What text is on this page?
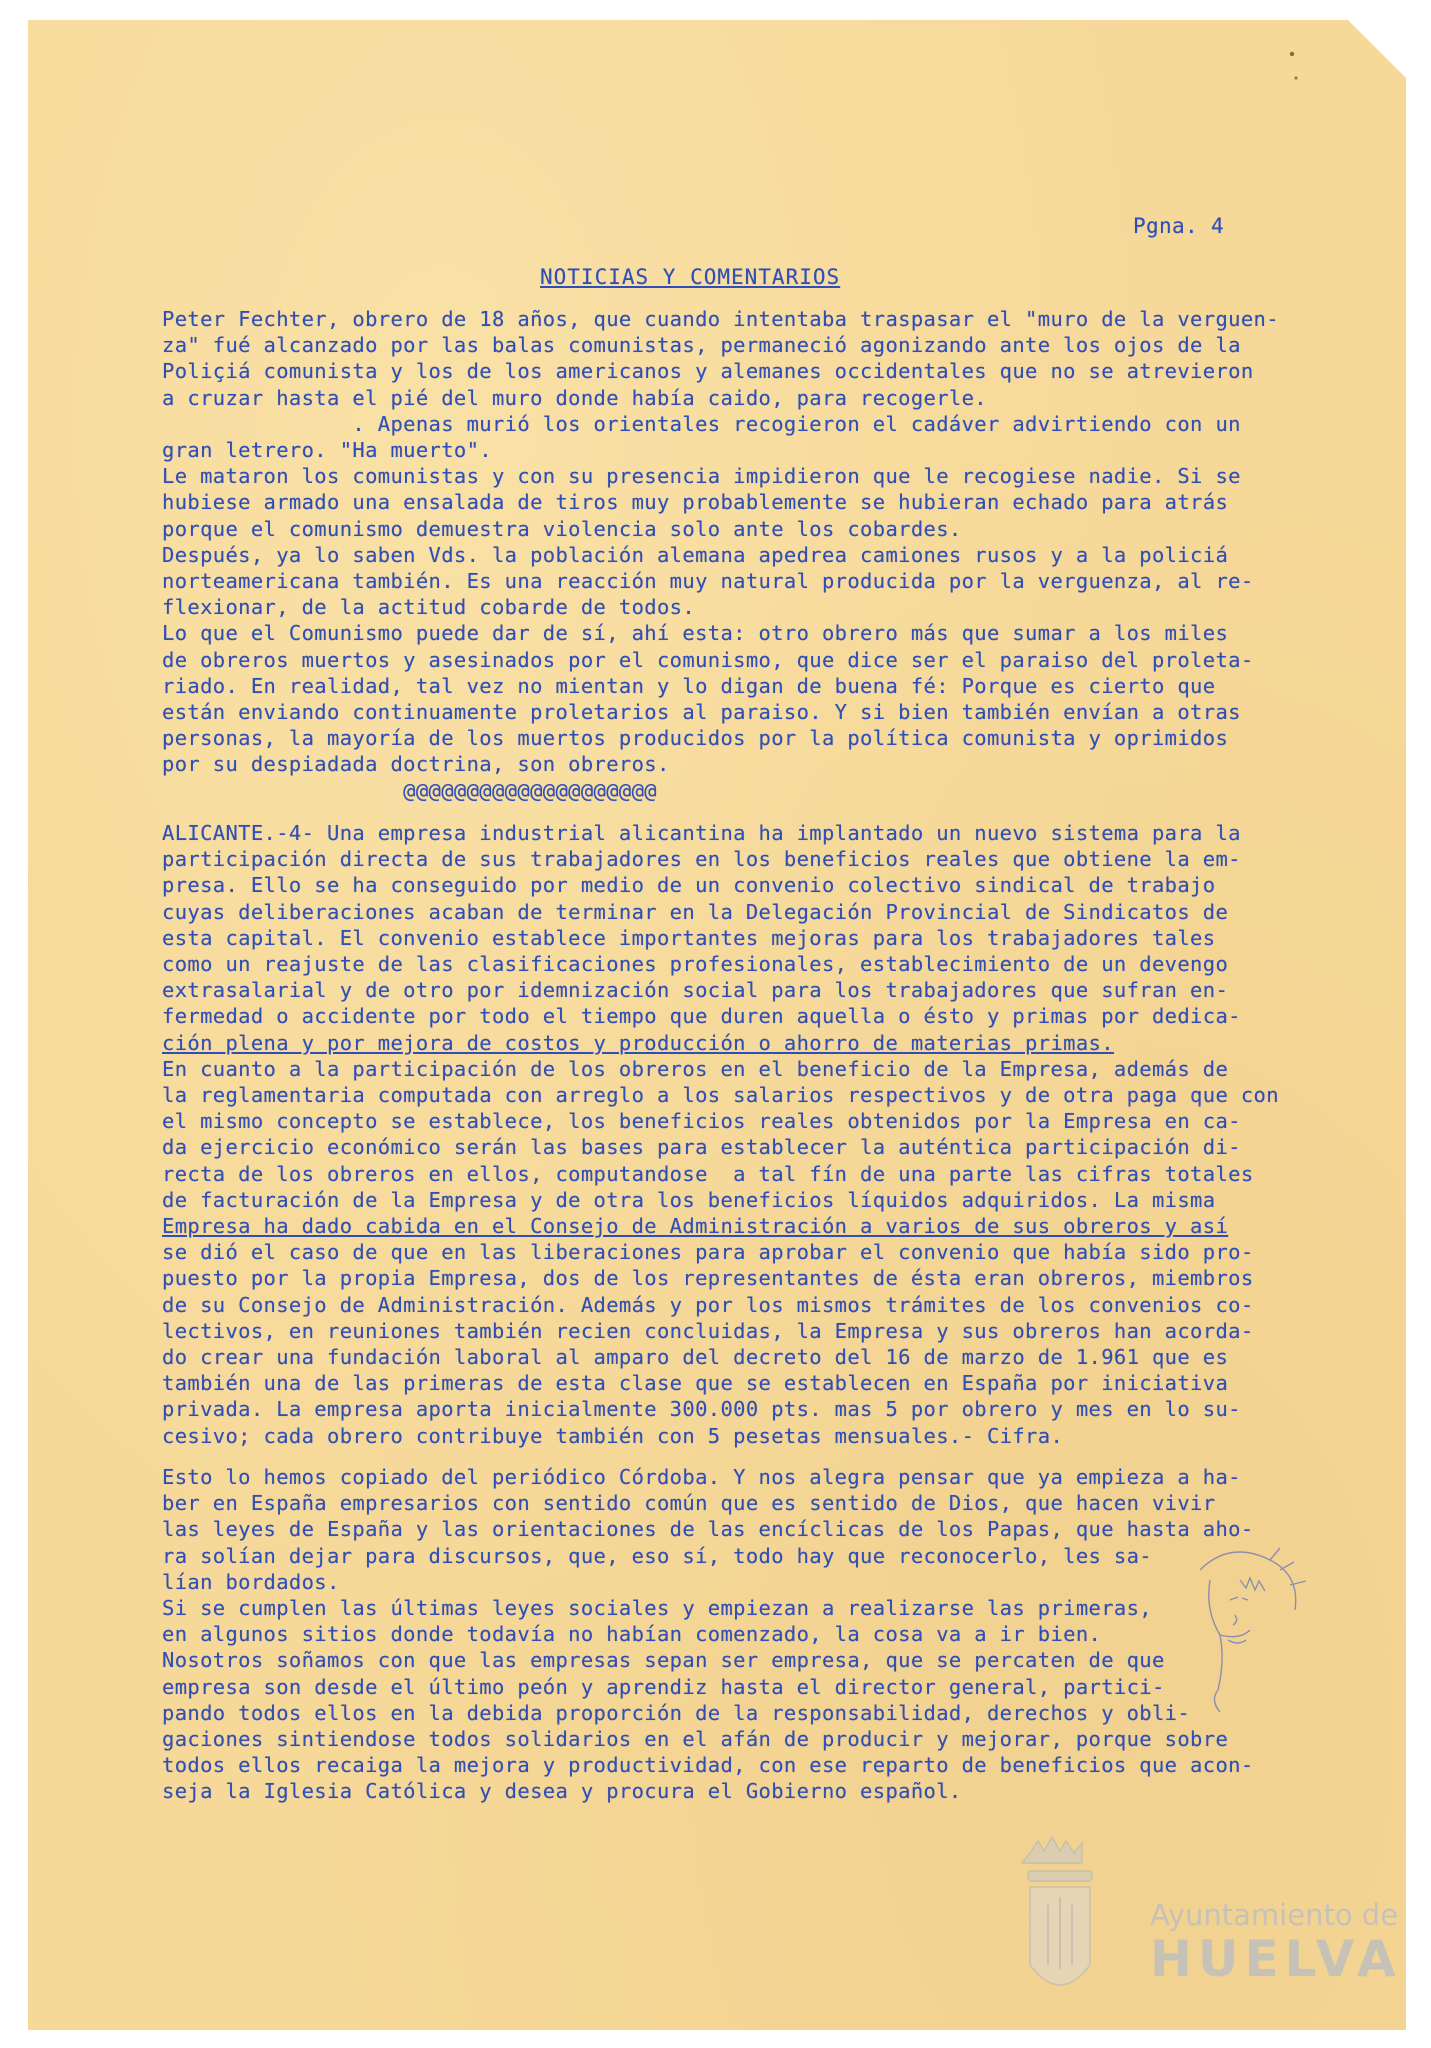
Pgna. 4
NOTICIAS Y COMENTARIOS

Peter Fechter, obrero de 18 años, que cuando intentaba traspasar el "muro de la verguen-

za" fué alcanzado por las balas comunistas, permaneció agonizando ante los ojos de la

Poliçiá comunista y los de los americanos y alemanes occidentales que no se atrevieron

a cruzar hasta el pié del muro donde había caido, para recogerle.

. Apenas murió los orientales recogieron el cadáver advirtiendo con un

gran letrero. "Ha muerto".

Le mataron los comunistas y con su presencia impidieron que le recogiese nadie. Si se

hubiese armado una ensalada de tiros muy probablemente se hubieran echado para atrás

porque el comunismo demuestra violencia solo ante los cobardes.

Después, ya lo saben Vds. la población alemana apedrea camiones rusos y a la policiá

norteamericana también. Es una reacción muy natural producida por la verguenza, al re-

flexionar, de la actitud cobarde de todos.

Lo que el Comunismo puede dar de sí, ahí esta: otro obrero más que sumar a los miles

de obreros muertos y asesinados por el comunismo, que dice ser el paraiso del proleta-

riado. En realidad, tal vez no mientan y lo digan de buena fé: Porque es cierto que

están enviando continuamente proletarios al paraiso. Y si bien también envían a otras

personas, la mayoría de los muertos producidos por la política comunista y oprimidos

por su despiadada doctrina, son obreros.

@@@@@@@@@@@@@@@@@@@@

ALICANTE.-4- Una empresa industrial alicantina ha implantado un nuevo sistema para la

participación directa de sus trabajadores en los beneficios reales que obtiene la em-

presa. Ello se ha conseguido por medio de un convenio colectivo sindical de trabajo

cuyas deliberaciones acaban de terminar en la Delegación Provincial de Sindicatos de

esta capital. El convenio establece importantes mejoras para los trabajadores tales

como un reajuste de las clasificaciones profesionales, establecimiento de un devengo

extrasalarial y de otro por idemnización social para los trabajadores que sufran en-

fermedad o accidente por todo el tiempo que duren aquella o ésto y primas por dedica-

ción plena y por mejora de costos y producción o ahorro de materias primas.

En cuanto a la participación de los obreros en el beneficio de la Empresa, además de

la reglamentaria computada con arreglo a los salarios respectivos y de otra paga que con

el mismo concepto se establece, los beneficios reales obtenidos por la Empresa en ca-

da ejercicio económico serán las bases para establecer la auténtica participación di-

recta de los obreros en ellos, computandose  a tal fín de una parte las cifras totales

de facturación de la Empresa y de otra los beneficios líquidos adquiridos. La misma

Empresa ha dado cabida en el Consejo de Administración a varios de sus obreros y así

se dió el caso de que en las liberaciones para aprobar el convenio que había sido pro-

puesto por la propia Empresa, dos de los representantes de ésta eran obreros, miembros

de su Consejo de Administración. Además y por los mismos trámites de los convenios co-

lectivos, en reuniones también recien concluidas, la Empresa y sus obreros han acorda-

do crear una fundación laboral al amparo del decreto del 16 de marzo de 1.961 que es

también una de las primeras de esta clase que se establecen en España por iniciativa

privada. La empresa aporta inicialmente 300.000 pts. mas 5 por obrero y mes en lo su-

cesivo; cada obrero contribuye también con 5 pesetas mensuales.- Cifra.

Esto lo hemos copiado del periódico Córdoba. Y nos alegra pensar que ya empieza a ha-

ber en España empresarios con sentido común que es sentido de Dios, que hacen vivir

las leyes de España y las orientaciones de las encíclicas de los Papas, que hasta aho-

ra solían dejar para discursos, que, eso sí, todo hay que reconocerlo, les sa-

lían bordados.

Si se cumplen las últimas leyes sociales y empiezan a realizarse las primeras,

en algunos sitios donde todavía no habían comenzado, la cosa va a ir bien.

Nosotros soñamos con que las empresas sepan ser empresa, que se percaten de que

empresa son desde el último peón y aprendiz hasta el director general, partici-

pando todos ellos en la debida proporción de la responsabilidad, derechos y obli-

gaciones sintiendose todos solidarios en el afán de producir y mejorar, porque sobre

todos ellos recaiga la mejora y productividad, con ese reparto de beneficios que acon-

seja la Iglesia Católica y desea y procura el Gobierno español.

Ayuntamiento de
HUELVA
